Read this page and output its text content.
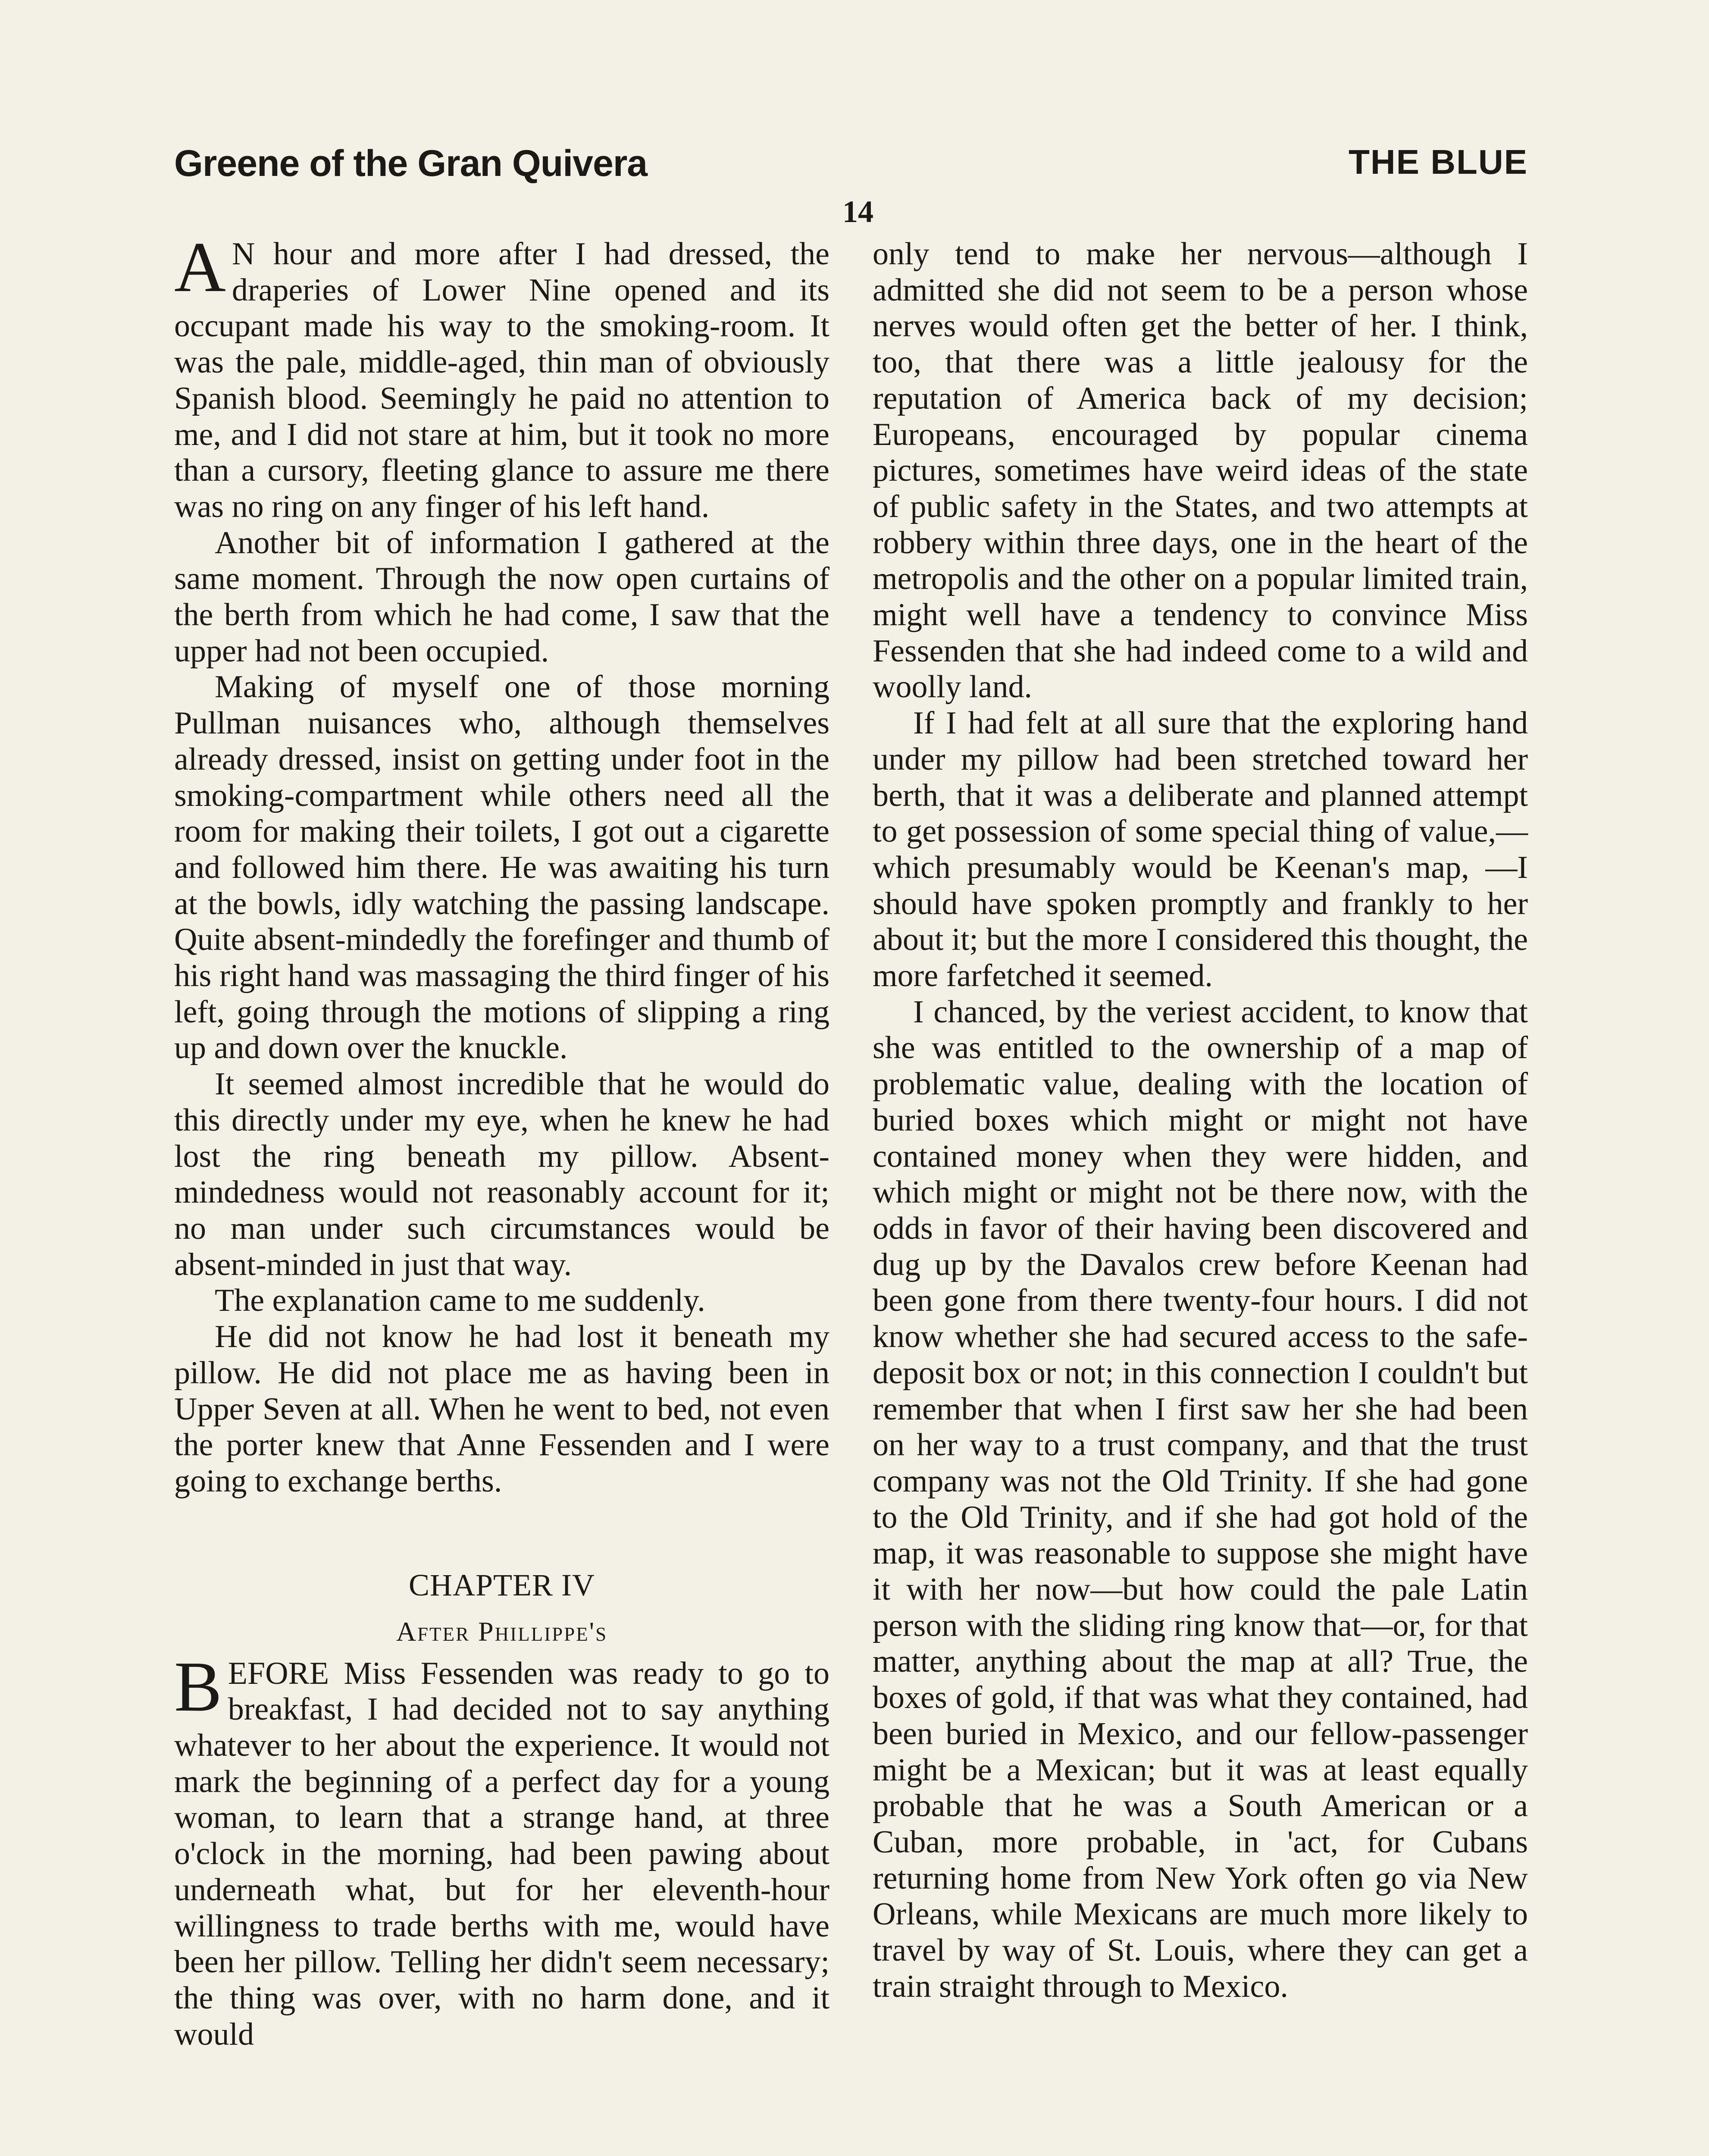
Greene of the Gran Quivera	THE BLUE
14

A N hour and more after I had dressed, the draperies of Lower Nine opened and its occupant made his way to the smoking-room. It was the pale, middle-aged, thin man of obviously Spanish blood. Seemingly he paid no attention to me, and I did not stare at him, but it took no more than a cursory, fleeting glance to assure me there was no ring on any finger of his left hand.

Another bit of information I gathered at the same moment. Through the now open curtains of the berth from which he had come, I saw that the upper had not been occupied.

Making of myself one of those morning Pullman nuisances who, although themselves already dressed, insist on getting under foot in the smoking-compartment while others need all the room for making their toilets, I got out a cigarette and followed him there. He was awaiting his turn at the bowls, idly watching the passing landscape. Quite absent-mindedly the forefinger and thumb of his right hand was massaging the third finger of his left, going through the motions of slipping a ring up and down over the knuckle.

It seemed almost incredible that he would do this directly under my eye, when he knew he had lost the ring beneath my pillow. Absent-mindedness would not reasonably account for it; no man under such circumstances would be absent-minded in just that way.

The explanation came to me suddenly.

He did not know he had lost it beneath my pillow. He did not place me as having been in Upper Seven at all. When he went to bed, not even the porter knew that Anne Fessenden and I were going to exchange berths.

CHAPTER IV
After Phillippe's

BEFORE Miss Fessenden was ready to go to breakfast, I had decided not to say anything whatever to her about the experience. It would not mark the beginning of a perfect day for a young woman, to learn that a strange hand, at three o'clock in the morning, had been pawing about underneath what, but for her eleventh-hour willingness to trade berths with me, would have been her pillow. Telling her didn't seem necessary; the thing was over, with no harm done, and it would

only tend to make her nervous—although I admitted she did not seem to be a person whose nerves would often get the better of her. I think, too, that there was a little jealousy for the reputation of America back of my decision; Europeans, encouraged by popular cinema pictures, sometimes have weird ideas of the state of public safety in the States, and two attempts at robbery within three days, one in the heart of the metropolis and the other on a popular limited train, might well have a tendency to convince Miss Fessenden that she had indeed come to a wild and woolly land.

If I had felt at all sure that the exploring hand under my pillow had been stretched toward her berth, that it was a deliberate and planned attempt to get possession of some special thing of value,—which presumably would be Keenan's map, —I should have spoken promptly and frankly to her about it; but the more I considered this thought, the more farfetched it seemed.

I chanced, by the veriest accident, to know that she was entitled to the ownership of a map of problematic value, dealing with the location of buried boxes which might or might not have contained money when they were hidden, and which might or might not be there now, with the odds in favor of their having been discovered and dug up by the Davalos crew before Keenan had been gone from there twenty-four hours. I did not know whether she had secured access to the safedeposit box or not; in this connection I couldn't but remember that when I first saw her she had been on her way to a trust company, and that the trust company was not the Old Trinity. If she had gone to the Old Trinity, and if she had got hold of the map, it was reasonable to suppose she might have it with her now—but how could the pale Latin person with the sliding ring know that—or, for that matter, anything about the map at all? True, the boxes of gold, if that was what they contained, had been buried in Mexico, and our fellow-passenger might be a Mexican; but it was at least equally probable that he was a South American or a Cuban, more probable, in 'act, for Cubans returning home from New York often go via New Orleans, while Mexicans are much more likely to travel by way of St. Louis, where they can get a train straight through to Mexico.
